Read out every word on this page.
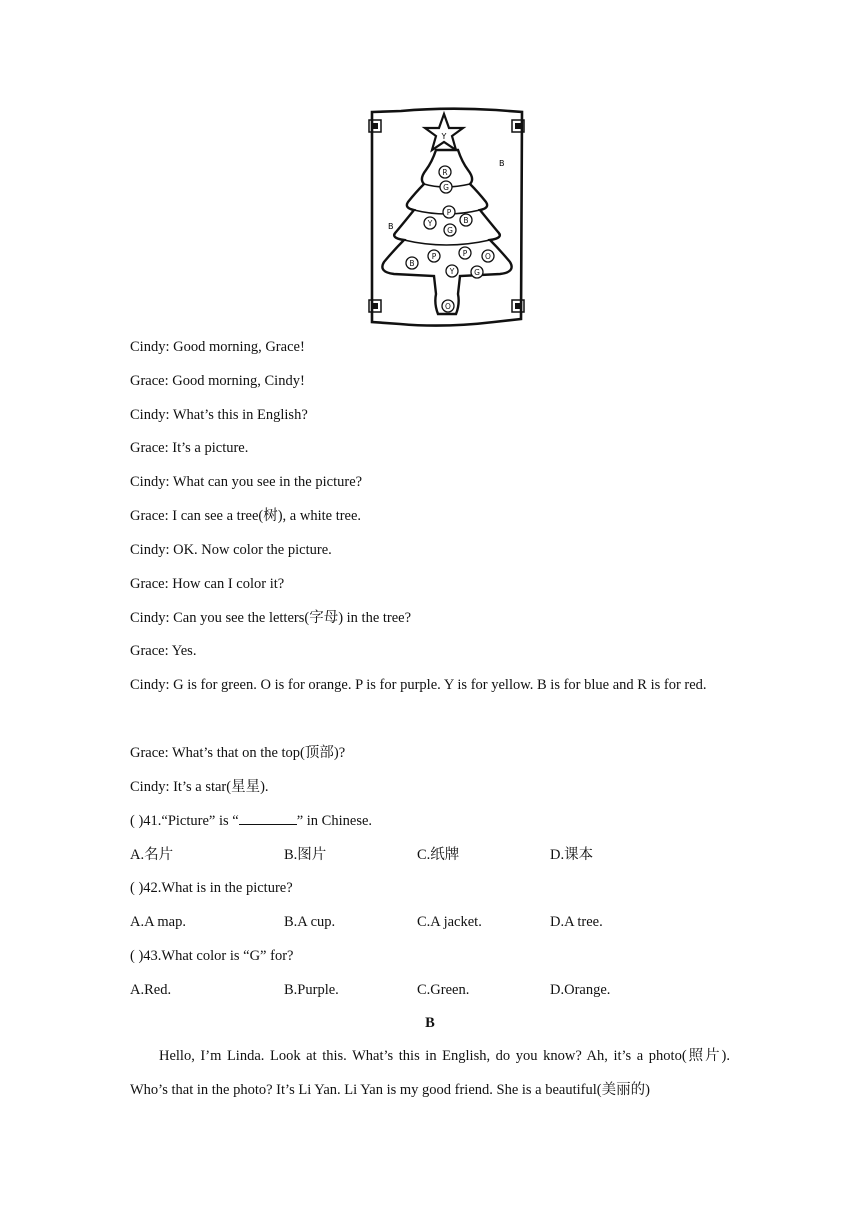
Y
R
G
P
Y	B
G
B
P	P O
Y	G
O
B
B
Cindy: Good morning, Grace!
Grace: Good morning, Cindy!
Cindy: What’s this in English?
Grace: It’s a picture.
Cindy: What can you see in the picture?
Grace: I can see a tree(树), a white tree.
Cindy: OK. Now color the picture.
Grace: How can I color it?
Cindy: Can you see the letters(字母) in the tree?
Grace: Yes.
Cindy: G is for green. O is for orange. P is for purple. Y is for yellow. B is for blue and R is for red.
Grace: What’s that on the top(顶部)?
Cindy: It’s a star(星星).
( )41.“Picture” is “	” in Chinese.
A.名片	B.图片	C.纸牌	D.课本
( )42.What is in the picture?
A.A map.	B.A cup.	C.A jacket.	D.A tree.
( )43.What color is “G” for?
A.Red.	B.Purple.	C.Green.	D.Orange.
B
Hello, I’m Linda. Look at this. What’s this in English, do you know? Ah, it’s a photo(照片). Who’s that in the photo? It’s Li Yan. Li Yan is my good friend. She is a beautiful(美丽的)
